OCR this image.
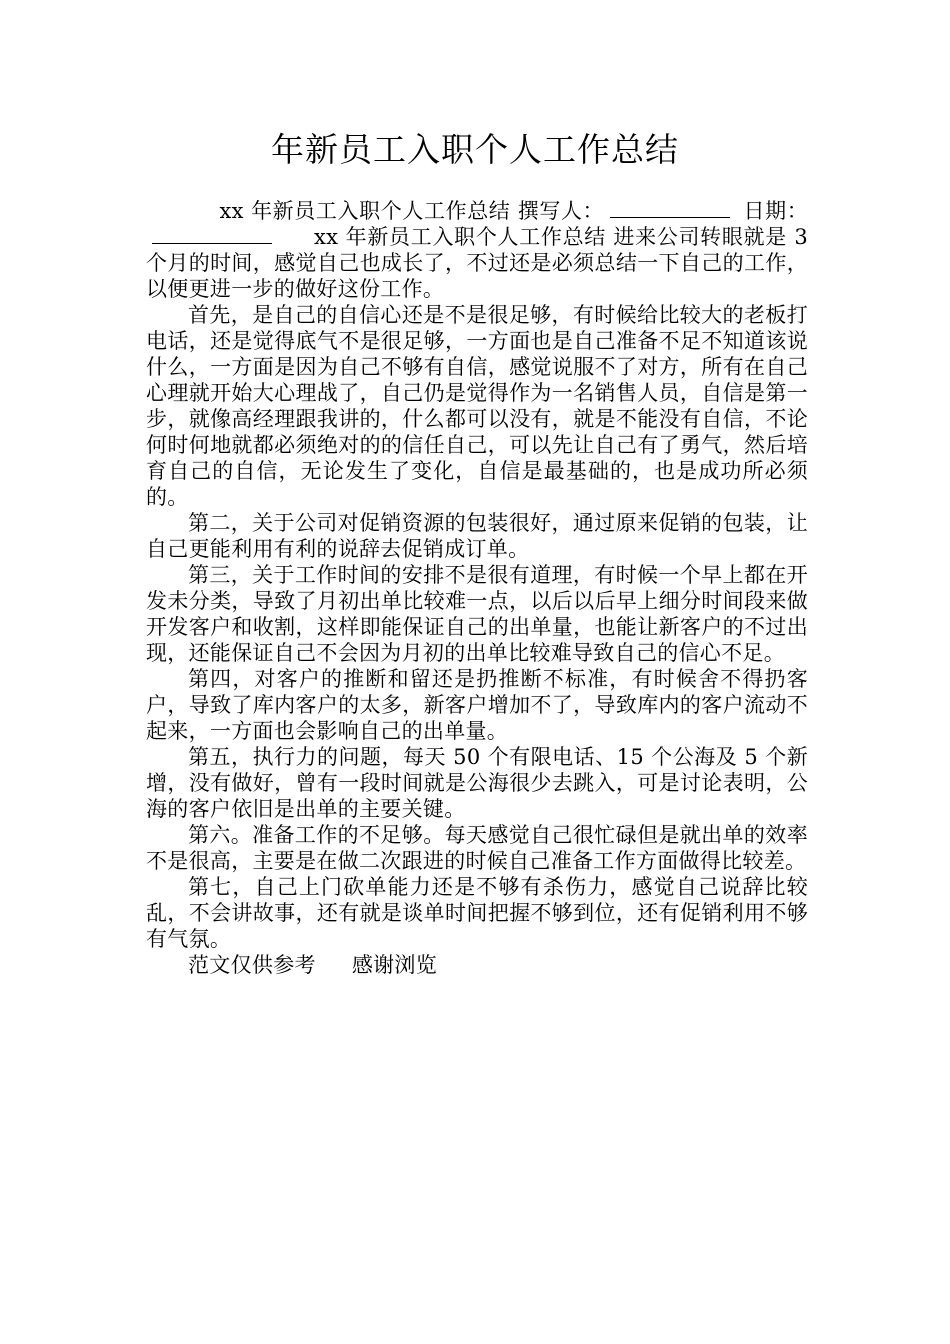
年新员工入职个人工作总结

xx 年新员工入职个人工作总结 撰写人：	日期：xx 年新员工入职个人工作总结 进来公司转眼就是 3 个月的时间，感觉自己也成长了，不过还是必须总结一下自己的工作，以便更进一步的做好这份工作。

首先，是自己的自信心还是不是很足够，有时候给比较大的老板打电话，还是觉得底气不是很足够，一方面也是自己准备不足不知道该说什么，一方面是因为自己不够有自信，感觉说服不了对方，所有在自己心理就开始大心理战了，自己仍是觉得作为一名销售人员，自信是第一步，就像高经理跟我讲的，什么都可以没有，就是不能没有自信，不论何时何地就都必须绝对的的信任自己，可以先让自己有了勇气，然后培育自己的自信，无论发生了变化，自信是最基础的，也是成功所必须的。

第二，关于公司对促销资源的包装很好，通过原来促销的包装，让自己更能利用有利的说辞去促销成订单。

第三，关于工作时间的安排不是很有道理，有时候一个早上都在开发未分类，导致了月初出单比较难一点，以后以后早上细分时间段来做开发客户和收割，这样即能保证自己的出单量，也能让新客户的不过出现，还能保证自己不会因为月初的出单比较难导致自己的信心不足。

第四，对客户的推断和留还是扔推断不标准，有时候舍不得扔客户，导致了库内客户的太多，新客户增加不了，导致库内的客户流动不起来，一方面也会影响自己的出单量。

第五，执行力的问题，每天 50 个有限电话、15 个公海及 5 个新增，没有做好，曾有一段时间就是公海很少去跳入，可是讨论表明，公海的客户依旧是出单的主要关键。

第六。准备工作的不足够。每天感觉自己很忙碌但是就出单的效率不是很高，主要是在做二次跟进的时候自己准备工作方面做得比较差。

第七，自己上门砍单能力还是不够有杀伤力，感觉自己说辞比较乱，不会讲故事，还有就是谈单时间把握不够到位，还有促销利用不够有气氛。

范文仅供参考 感谢浏览
